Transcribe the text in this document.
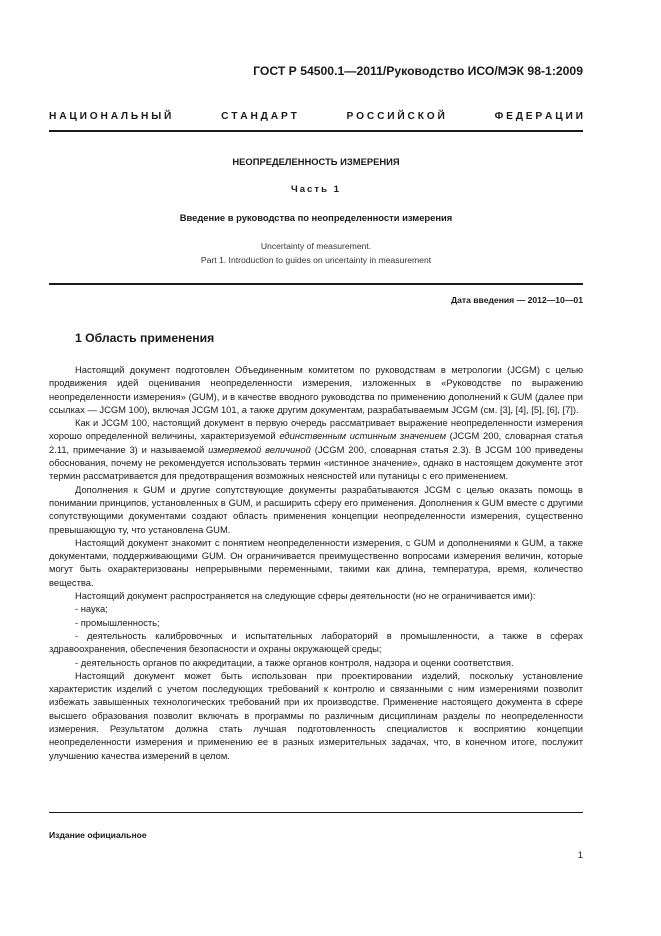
ГОСТ Р 54500.1—2011/Руководство ИСО/МЭК 98-1:2009
Н А Ц И О Н А Л Ь Н Ы Й	С Т А Н Д А Р Т	Р О С С И Й С К О Й	Ф Е Д Е Р А Ц И И
НЕОПРЕДЕЛЕННОСТЬ ИЗМЕРЕНИЯ
Часть 1
Введение в руководства по неопределенности измерения
Uncertainty of measurement.
Part 1. Introduction to guides on uncertainty in measurement
Дата введения — 2012—10—01
1 Область применения

Настоящий документ подготовлен Объединенным комитетом по руководствам в метрологии (JCGM) с целью продвижения идей оценивания неопределенности измерения, изложенных в «Руководстве по выражению неопределенности измерения» (GUM), и в качестве вводного руководства по применению дополнений к GUM (далее при ссылках — JCGM 100), включая JCGM 101, а также другим документам, разрабатываемым JCGM (см. [3], [4], [5], [6], [7]).

Как и JCGM 100, настоящий документ в первую очередь рассматривает выражение неопределенности измерения хорошо определенной величины, характеризуемой единственным истинным значением (JCGM 200, словарная статья 2.11, примечание 3) и называемой измеряемой величиной (JCGM 200, словарная статья 2.3). В JCGM 100 приведены обоснования, почему не рекомендуется использовать термин «истинное значение», однако в настоящем документе этот термин рассматривается для предотвращения возможных неясностей или путаницы с его применением.

Дополнения к GUM и другие сопутствующие документы разрабатываются JCGM с целью оказать помощь в понимании принципов, установленных в GUM, и расширить сферу его применения. Дополнения к GUM вместе с другими сопутствующими документами создают область применения концепции неопределенности измерения, существенно превышающую ту, что установлена GUM.

Настоящий документ знакомит с понятием неопределенности измерения, с GUM и дополнениями к GUM, а также документами, поддерживающими GUM. Он ограничивается преимущественно вопросами измерения величин, которые могут быть охарактеризованы непрерывными переменными, такими как длина, температура, время, количество вещества.

Настоящий документ распространяется на следующие сферы деятельности (но не ограничивается ими):

- наука;

- промышленность;

- деятельность калибровочных и испытательных лабораторий в промышленности, а также в сферах здравоохранения, обеспечения безопасности и охраны окружающей среды;

- деятельность органов по аккредитации, а также органов контроля, надзора и оценки соответствия.

Настоящий документ может быть использован при проектировании изделий, поскольку установление характеристик изделий с учетом последующих требований к контролю и связанными с ним измерениями позволит избежать завышенных технологических требований при их производстве. Применение настоящего документа в сфере высшего образования позволит включать в программы по различным дисциплинам разделы по неопределенности измерения. Результатом должна стать лучшая подготовленность специалистов к восприятию концепции неопределенности измерения и применению ее в разных измерительных задачах, что, в конечном итоге, послужит улучшению качества измерений в целом.

Издание официальное
1
